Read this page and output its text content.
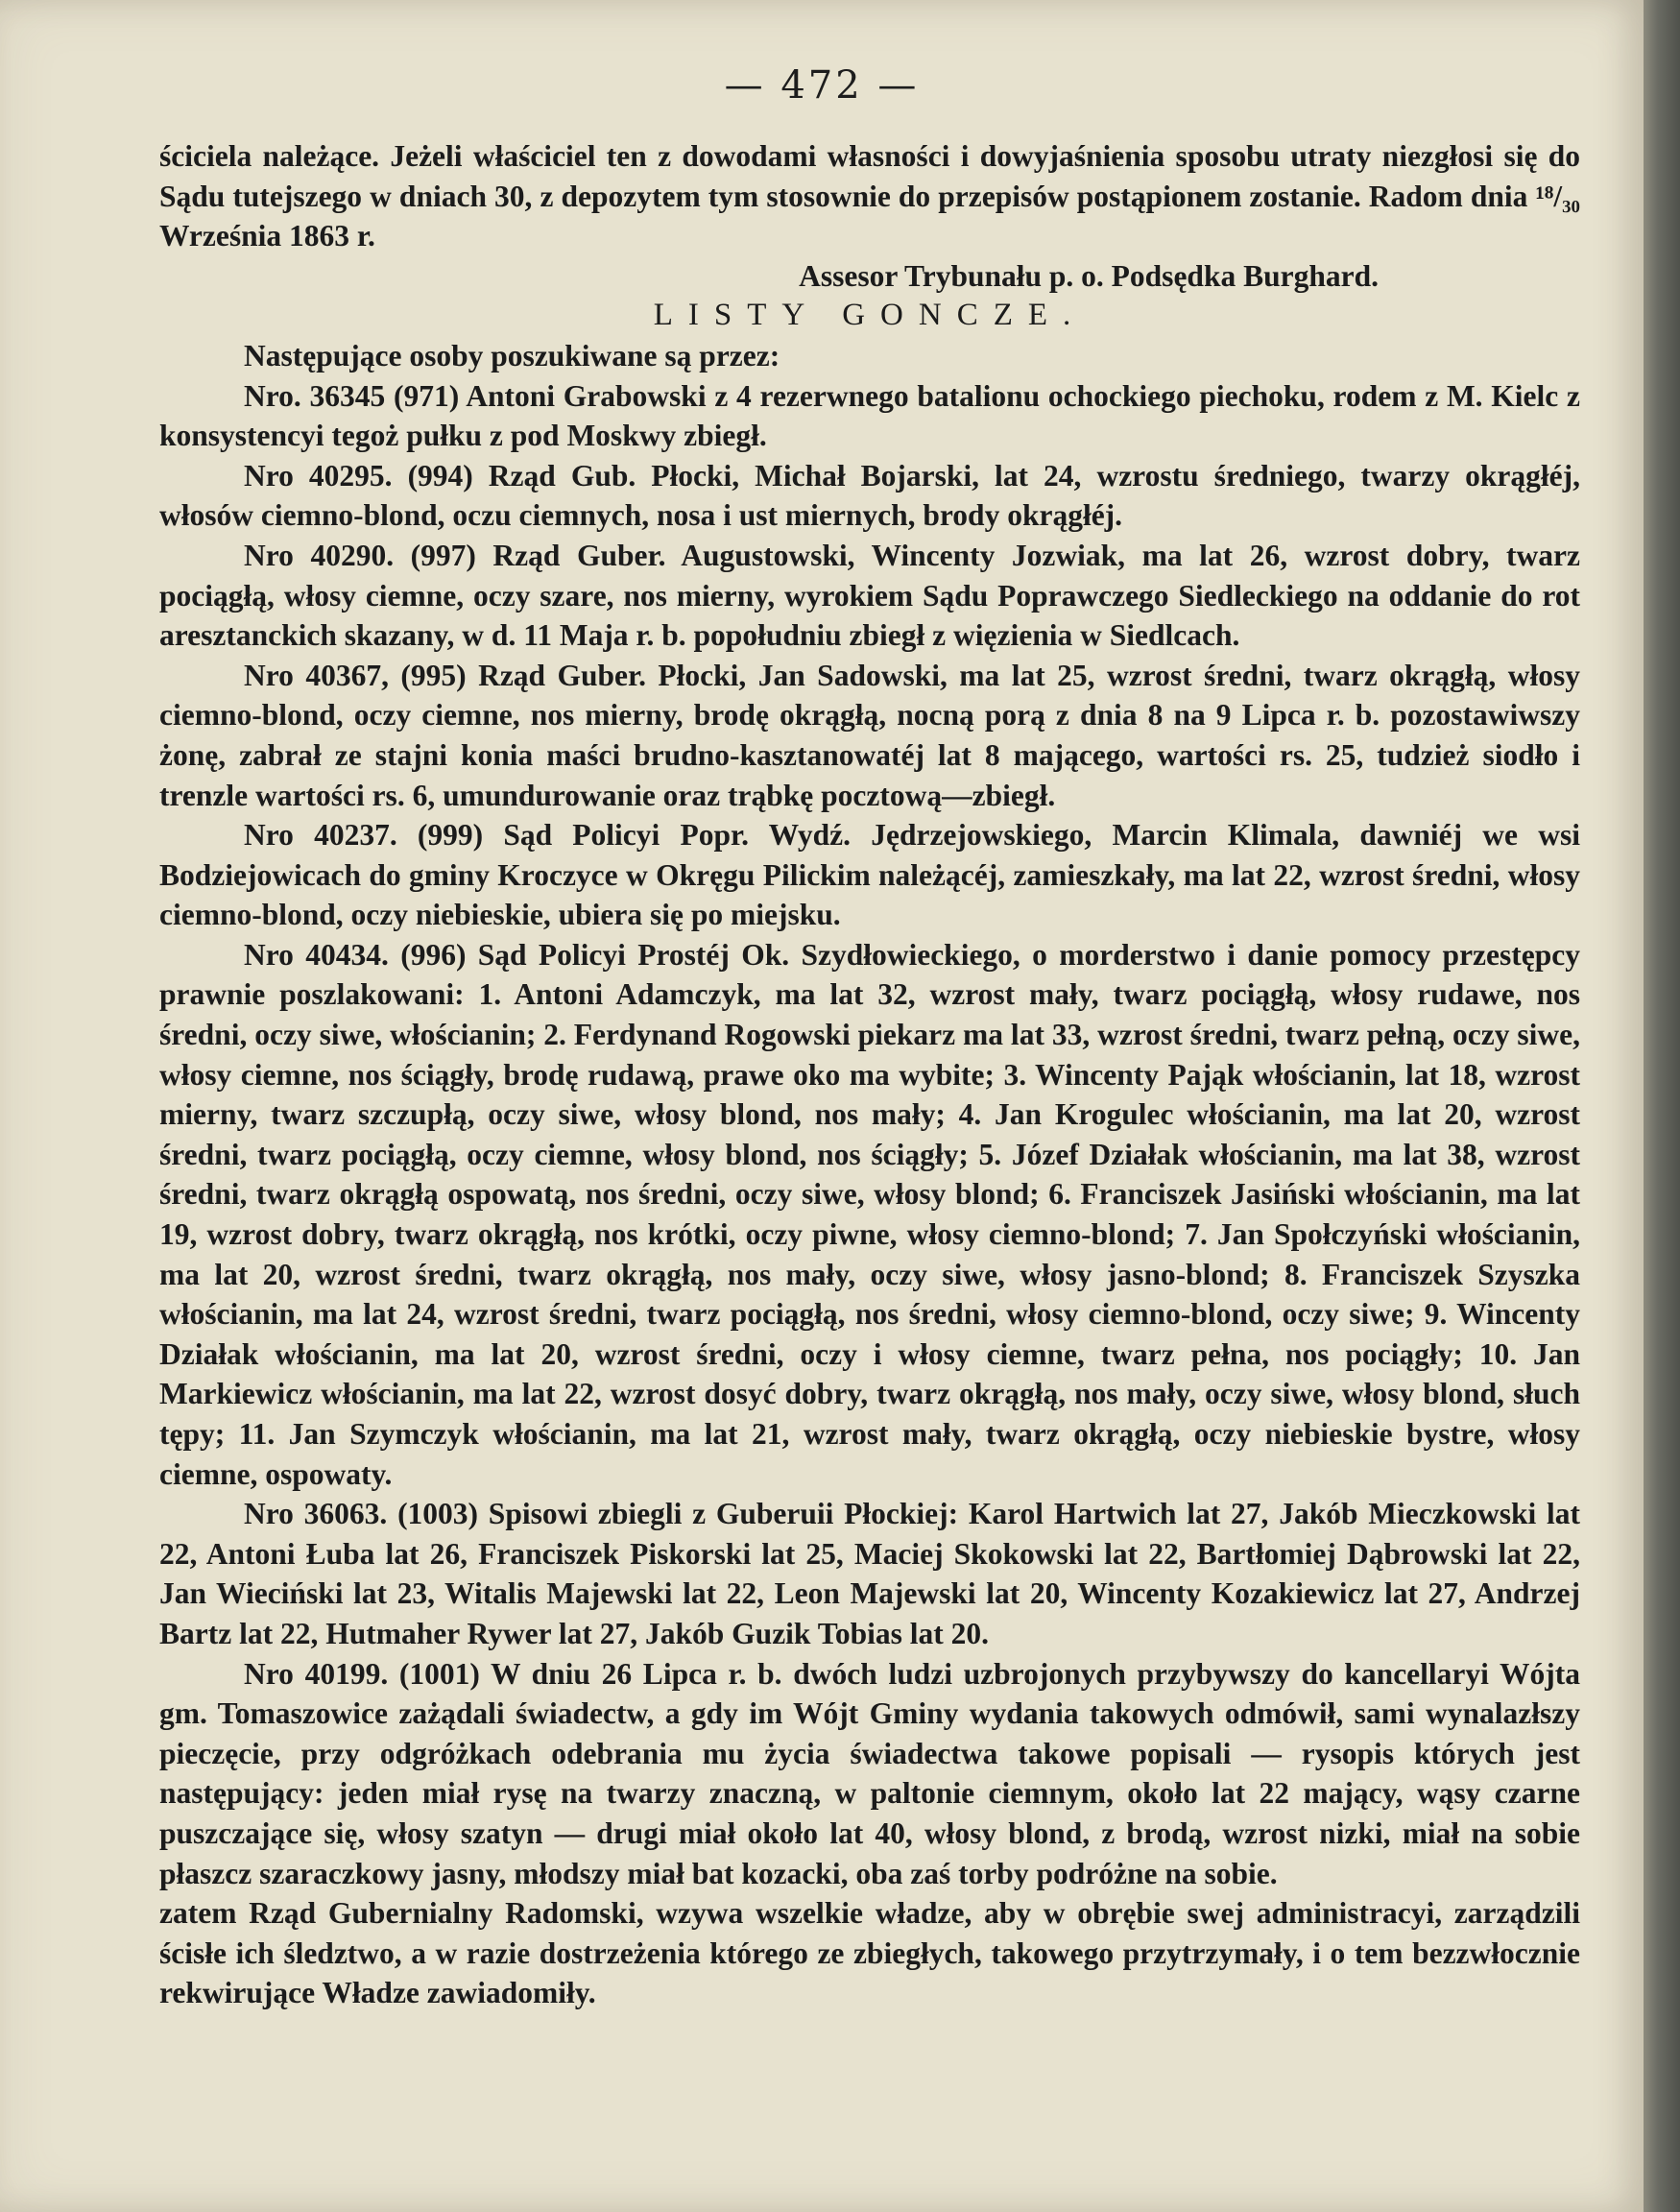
— 472 —

ściciela należące. Jeżeli właściciel ten z dowodami własności i dowyjaśnienia sposobu utraty niezgłosi się do Sądu tutejszego w dniach 30, z depozytem tym stosownie do przepisów postąpionem zostanie. Radom dnia ¹⁸/₃₀ Września 1863 r.

Assesor Trybunału p. o. Podsędka Burghard.

LISTY GONCZE.

Następujące osoby poszukiwane są przez:

Nro. 36345 (971) Antoni Grabowski z 4 rezerwnego batalionu ochockiego piechoku, rodem z M. Kielc z konsystencyi tegoż pułku z pod Moskwy zbiegł.

Nro 40295. (994) Rząd Gub. Płocki, Michał Bojarski, lat 24, wzrostu średniego, twarzy okrągłéj, włosów ciemno-blond, oczu ciemnych, nosa i ust miernych, brody okrągłéj.

Nro 40290. (997) Rząd Guber. Augustowski, Wincenty Jozwiak, ma lat 26, wzrost dobry, twarz pociągłą, włosy ciemne, oczy szare, nos mierny, wyrokiem Sądu Poprawczego Siedleckiego na oddanie do rot aresztanckich skazany, w d. 11 Maja r. b. popołudniu zbiegł z więzienia w Siedlcach.

Nro 40367, (995) Rząd Guber. Płocki, Jan Sadowski, ma lat 25, wzrost średni, twarz okrągłą, włosy ciemno-blond, oczy ciemne, nos mierny, brodę okrągłą, nocną porą z dnia 8 na 9 Lipca r. b. pozostawiwszy żonę, zabrał ze stajni konia maści brudno-kasztanowatéj lat 8 mającego, wartości rs. 25, tudzież siodło i trenzle wartości rs. 6, umundurowanie oraz trąbkę pocztową—zbiegł.

Nro 40237. (999) Sąd Policyi Popr. Wydź. Jędrzejowskiego, Marcin Klimala, dawniéj we wsi Bodziejowicach do gminy Kroczyce w Okręgu Pilickim należącéj, zamieszkały, ma lat 22, wzrost średni, włosy ciemno-blond, oczy niebieskie, ubiera się po miejsku.

Nro 40434. (996) Sąd Policyi Prostéj Ok. Szydłowieckiego, o morderstwo i danie pomocy przestępcy prawnie poszlakowani: 1. Antoni Adamczyk, ma lat 32, wzrost mały, twarz pociągłą, włosy rudawe, nos średni, oczy siwe, włościanin; 2. Ferdynand Rogowski piekarz ma lat 33, wzrost średni, twarz pełną, oczy siwe, włosy ciemne, nos ściągły, brodę rudawą, prawe oko ma wybite; 3. Wincenty Pająk włościanin, lat 18, wzrost mierny, twarz szczupłą, oczy siwe, włosy blond, nos mały; 4. Jan Krogulec włościanin, ma lat 20, wzrost średni, twarz pociągłą, oczy ciemne, włosy blond, nos ściągły; 5. Józef Działak włościanin, ma lat 38, wzrost średni, twarz okrągłą ospowatą, nos średni, oczy siwe, włosy blond; 6. Franciszek Jasiński włościanin, ma lat 19, wzrost dobry, twarz okrągłą, nos krótki, oczy piwne, włosy ciemno-blond; 7. Jan Społczyński włościanin, ma lat 20, wzrost średni, twarz okrągłą, nos mały, oczy siwe, włosy jasno-blond; 8. Franciszek Szyszka włościanin, ma lat 24, wzrost średni, twarz pociągłą, nos średni, włosy ciemno-blond, oczy siwe; 9. Wincenty Działak włościanin, ma lat 20, wzrost średni, oczy i włosy ciemne, twarz pełna, nos pociągły; 10. Jan Markiewicz włościanin, ma lat 22, wzrost dosyć dobry, twarz okrągłą, nos mały, oczy siwe, włosy blond, słuch tępy; 11. Jan Szymczyk włościanin, ma lat 21, wzrost mały, twarz okrągłą, oczy niebieskie bystre, włosy ciemne, ospowaty.

Nro 36063. (1003) Spisowi zbiegli z Guberuii Płockiej: Karol Hartwich lat 27, Jakób Mieczkowski lat 22, Antoni Łuba lat 26, Franciszek Piskorski lat 25, Maciej Skokowski lat 22, Bartłomiej Dąbrowski lat 22, Jan Wieciński lat 23, Witalis Majewski lat 22, Leon Majewski lat 20, Wincenty Kozakiewicz lat 27, Andrzej Bartz lat 22, Hutmaher Rywer lat 27, Jakób Guzik Tobias lat 20.

Nro 40199. (1001) W dniu 26 Lipca r. b. dwóch ludzi uzbrojonych przybywszy do kancellaryi Wójta gm. Tomaszowice zażądali świadectw, a gdy im Wójt Gminy wydania takowych odmówił, sami wynalazłszy pieczęcie, przy odgróżkach odebrania mu życia świadectwa takowe popisali — rysopis których jest następujący: jeden miał rysę na twarzy znaczną, w paltonie ciemnym, około lat 22 mający, wąsy czarne puszczające się, włosy szatyn — drugi miał około lat 40, włosy blond, z brodą, wzrost nizki, miał na sobie płaszcz szaraczkowy jasny, młodszy miał bat kozacki, oba zaś torby podróżne na sobie.

zatem Rząd Gubernialny Radomski, wzywa wszelkie władze, aby w obrębie swej administracyi, zarządzili ścisłe ich śledztwo, a w razie dostrzeżenia którego ze zbiegłych, takowego przytrzymały, i o tem bezzwłocznie rekwirujące Władze zawiadomiły.
